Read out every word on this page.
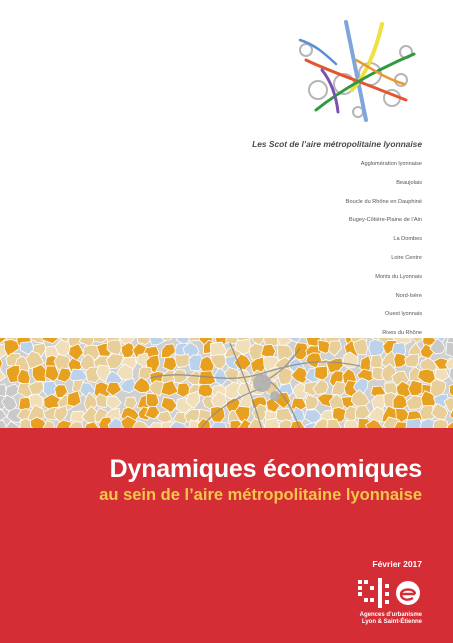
Les Scot de l’aire métropolitaine lyonnaise

Agglomération lyonnaise
Beaujolais
Boucle du Rhône en Dauphiné
Bugey-Côtière-Plaine de l’Ain
La Dombes
Loire Centre
Monts du Lyonnais
Nord-Isère
Ouest lyonnais
Rives du Rhône
Dynamiques économiques
au sein de l’aire métropolitaine lyonnaise
Février 2017
Agences d’urbanisme
Lyon & Saint-Étienne
